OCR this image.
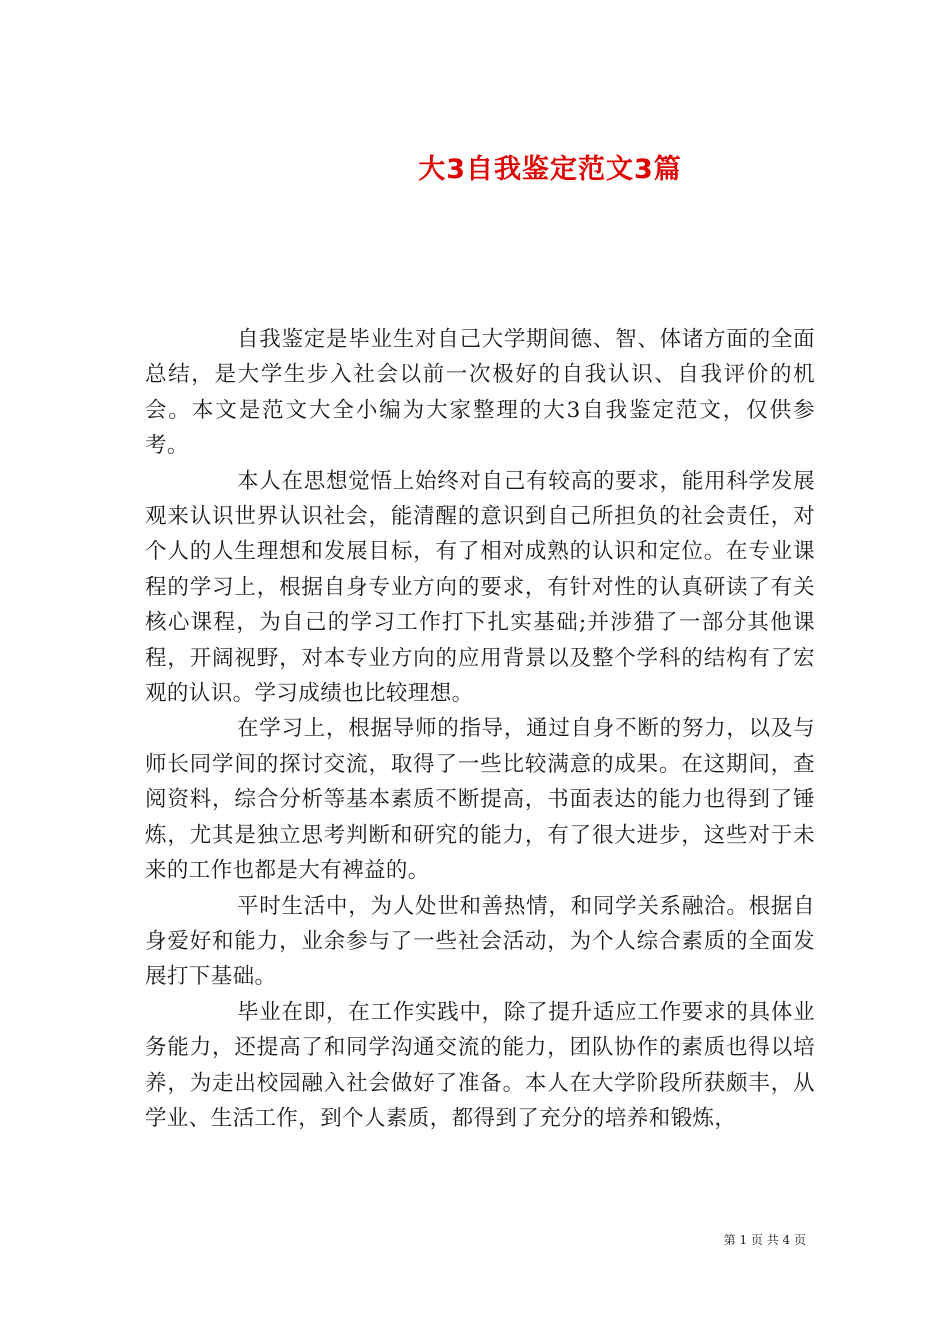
大3自我鉴定范文3篇

自我鉴定是毕业生对自己大学期间德、智、体诸方面的全面总结，是大学生步入社会以前一次极好的自我认识、自我评价的机会。本文是范文大全小编为大家整理的大3自我鉴定范文，仅供参考。

本人在思想觉悟上始终对自己有较高的要求，能用科学发展观来认识世界认识社会，能清醒的意识到自己所担负的社会责任，对个人的人生理想和发展目标，有了相对成熟的认识和定位。在专业课程的学习上，根据自身专业方向的要求，有针对性的认真研读了有关核心课程，为自己的学习工作打下扎实基础;并涉猎了一部分其他课程，开阔视野，对本专业方向的应用背景以及整个学科的结构有了宏观的认识。学习成绩也比较理想。

在学习上，根据导师的指导，通过自身不断的努力，以及与师长同学间的探讨交流，取得了一些比较满意的成果。在这期间，查阅资料，综合分析等基本素质不断提高，书面表达的能力也得到了锤炼，尤其是独立思考判断和研究的能力，有了很大进步，这些对于未来的工作也都是大有裨益的。

平时生活中，为人处世和善热情，和同学关系融洽。根据自身爱好和能力，业余参与了一些社会活动，为个人综合素质的全面发展打下基础。

毕业在即，在工作实践中，除了提升适应工作要求的具体业务能力，还提高了和同学沟通交流的能力，团队协作的素质也得以培养，为走出校园融入社会做好了准备。本人在大学阶段所获颇丰，从学业、生活工作，到个人素质，都得到了充分的培养和锻炼，

第 1 页 共 4 页
